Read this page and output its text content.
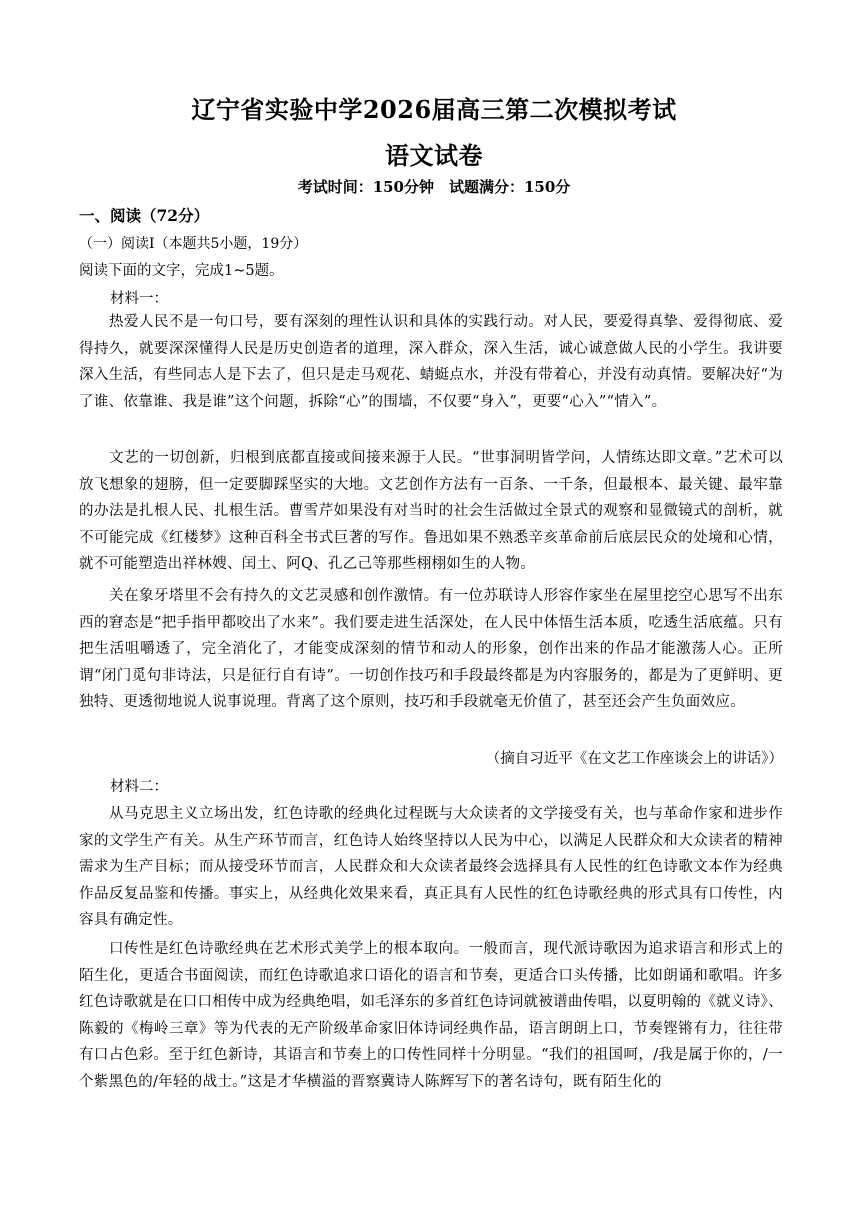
辽宁省实验中学2026届高三第二次模拟考试
语文试卷
考试时间：150分钟　试题满分：150分
一、阅读（72分）
（一）阅读Ⅰ（本题共5小题，19分）
阅读下面的文字，完成1~5题。
材料一：
热爱人民不是一句口号，要有深刻的理性认识和具体的实践行动。对人民，要爱得真挚、爱得彻底、爱得持久，就要深深懂得人民是历史创造者的道理，深入群众，深入生活，诚心诚意做人民的小学生。我讲要深入生活，有些同志人是下去了，但只是走马观花、蜻蜓点水，并没有带着心，并没有动真情。要解决好“为了谁、依靠谁、我是谁”这个问题，拆除“心”的围墙，不仅要“身入”，更要“心入”“情入”。
文艺的一切创新，归根到底都直接或间接来源于人民。“世事洞明皆学问，人情练达即文章。”艺术可以放飞想象的翅膀，但一定要脚踩坚实的大地。文艺创作方法有一百条、一千条，但最根本、最关键、最牢靠的办法是扎根人民、扎根生活。曹雪芹如果没有对当时的社会生活做过全景式的观察和显微镜式的剖析，就不可能完成《红楼梦》这种百科全书式巨著的写作。鲁迅如果不熟悉辛亥革命前后底层民众的处境和心情，就不可能塑造出祥林嫂、闰土、阿Q、孔乙己等那些栩栩如生的人物。
关在象牙塔里不会有持久的文艺灵感和创作激情。有一位苏联诗人形容作家坐在屋里挖空心思写不出东西的窘态是“把手指甲都咬出了水来”。我们要走进生活深处，在人民中体悟生活本质，吃透生活底蕴。只有把生活咀嚼透了，完全消化了，才能变成深刻的情节和动人的形象，创作出来的作品才能激荡人心。正所谓“闭门觅句非诗法，只是征行自有诗”。一切创作技巧和手段最终都是为内容服务的，都是为了更鲜明、更独特、更透彻地说人说事说理。背离了这个原则，技巧和手段就毫无价值了，甚至还会产生负面效应。
（摘自习近平《在文艺工作座谈会上的讲话》）
材料二：
从马克思主义立场出发，红色诗歌的经典化过程既与大众读者的文学接受有关，也与革命作家和进步作家的文学生产有关。从生产环节而言，红色诗人始终坚持以人民为中心，以满足人民群众和大众读者的精神需求为生产目标；而从接受环节而言，人民群众和大众读者最终会选择具有人民性的红色诗歌文本作为经典作品反复品鉴和传播。事实上，从经典化效果来看，真正具有人民性的红色诗歌经典的形式具有口传性，内容具有确定性。
口传性是红色诗歌经典在艺术形式美学上的根本取向。一般而言，现代派诗歌因为追求语言和形式上的陌生化，更适合书面阅读，而红色诗歌追求口语化的语言和节奏，更适合口头传播，比如朗诵和歌唱。许多红色诗歌就是在口口相传中成为经典绝唱，如毛泽东的多首红色诗词就被谱曲传唱，以夏明翰的《就义诗》、陈毅的《梅岭三章》等为代表的无产阶级革命家旧体诗词经典作品，语言朗朗上口，节奏铿锵有力，往往带有口占色彩。至于红色新诗，其语言和节奏上的口传性同样十分明显。“我们的祖国呵，/我是属于你的，/一个紫黑色的/年轻的战士。”这是才华横溢的晋察冀诗人陈辉写下的著名诗句，既有陌生化的
